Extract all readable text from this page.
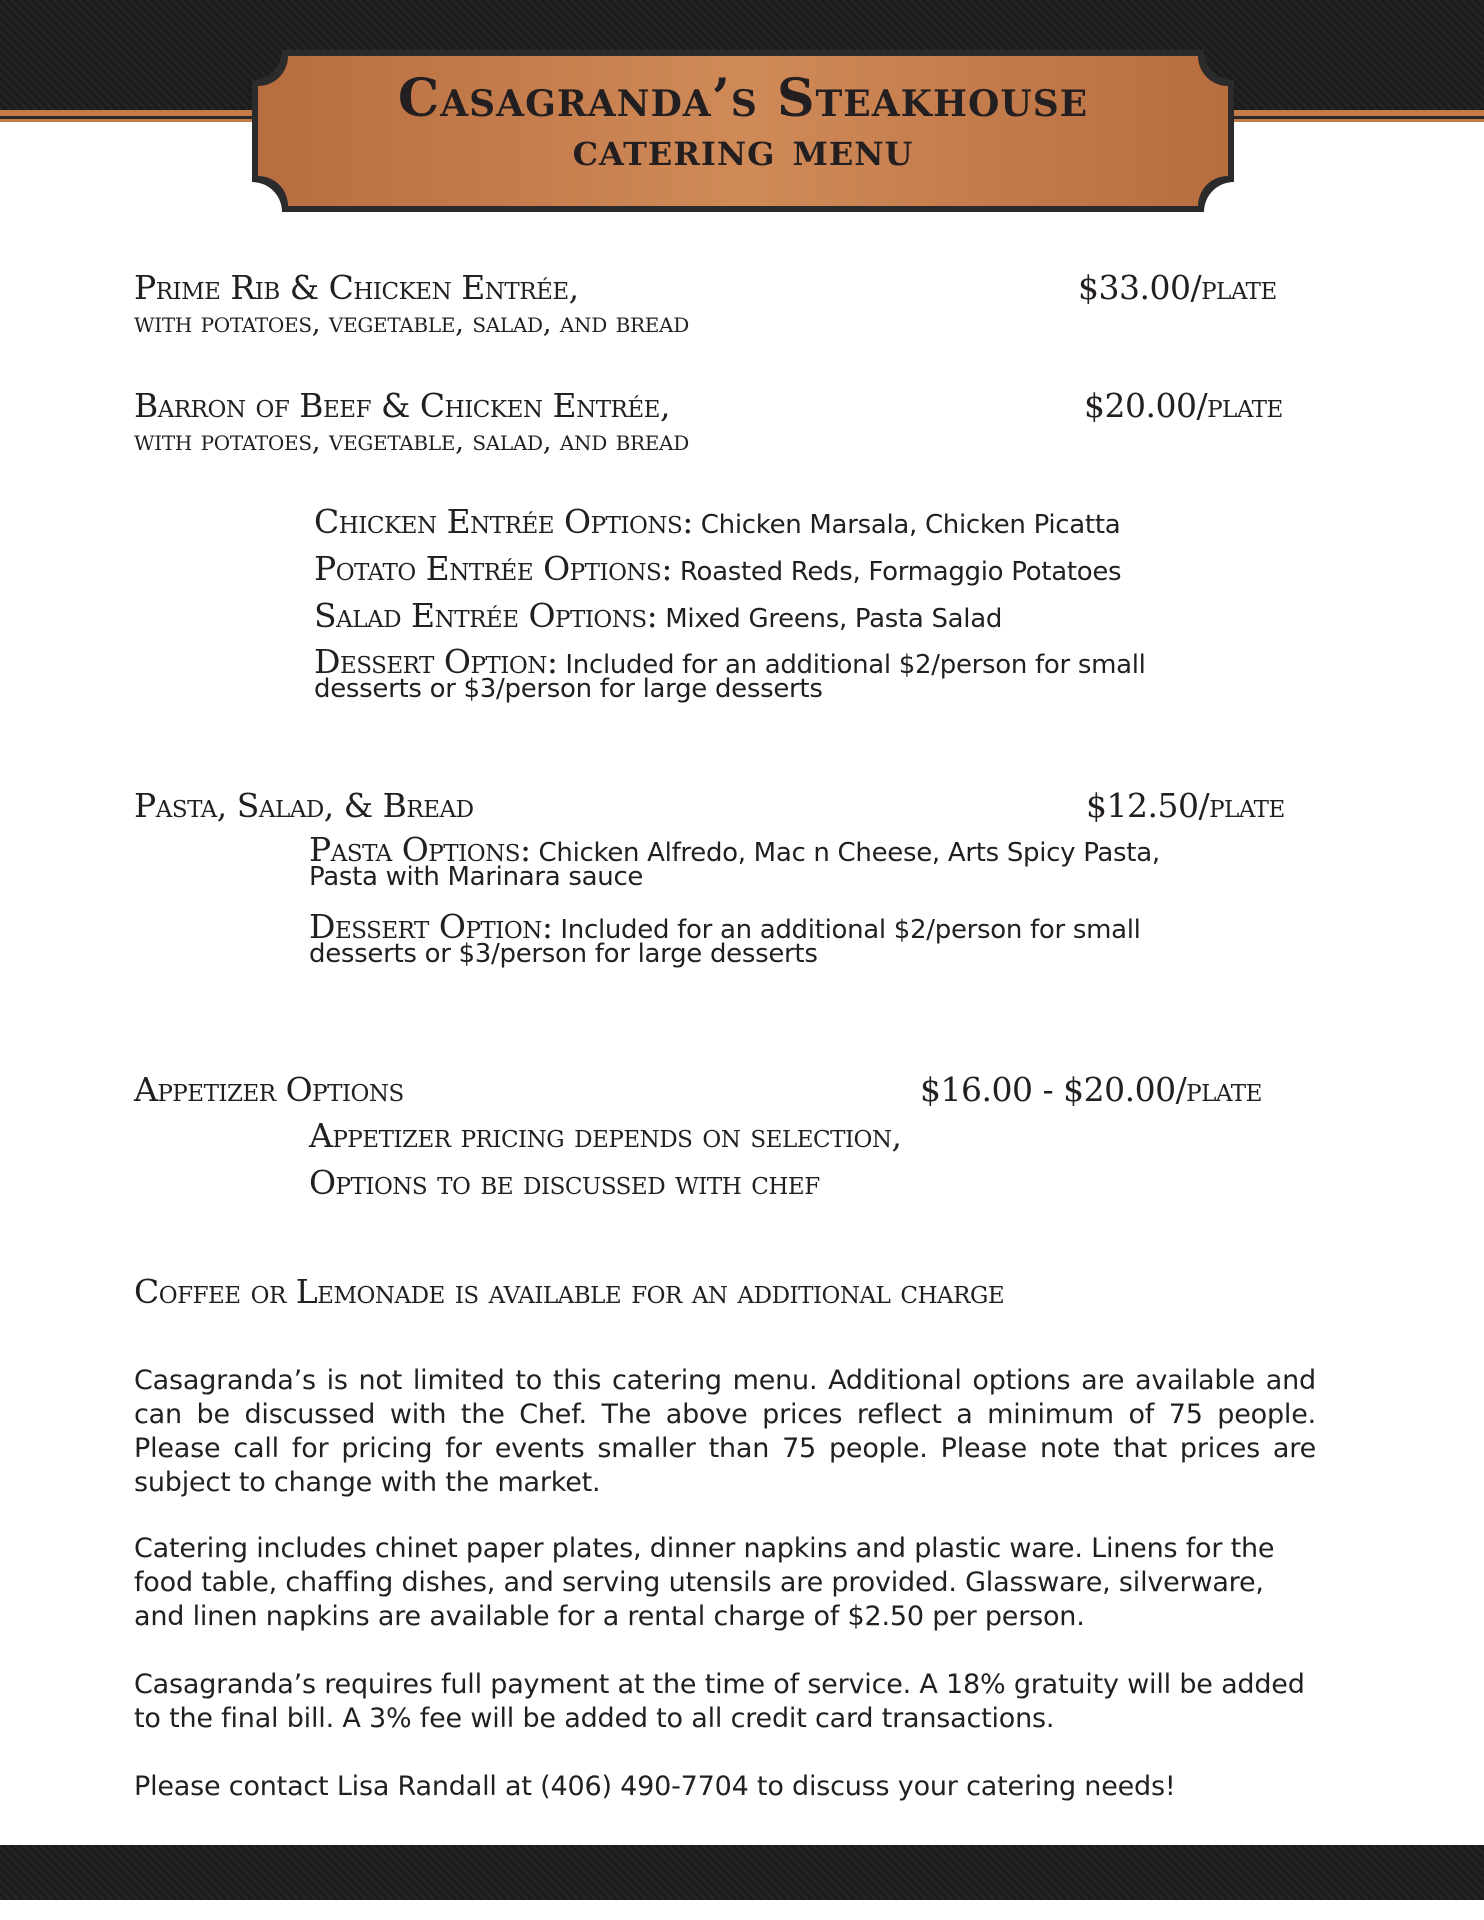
Casagranda’s Steakhouse
catering menu
Prime Rib & Chicken Entrée,
with potatoes, vegetable, salad, and bread
$33.00/plate
Barron of Beef & Chicken Entrée,
with potatoes, vegetable, salad, and bread
$20.00/plate
Chicken Entrée Options: Chicken Marsala, Chicken Picatta
Potato Entrée Options: Roasted Reds, Formaggio Potatoes
Salad Entrée Options: Mixed Greens, Pasta Salad
Dessert Option: Included for an additional $2/person for small
desserts or $3/person for large desserts
Pasta, Salad, & Bread	$12.50/plate
Pasta Options: Chicken Alfredo, Mac n Cheese, Arts Spicy Pasta,
Pasta with Marinara sauce
Dessert Option: Included for an additional $2/person for small
desserts or $3/person for large desserts
Appetizer Options	$16.00 - $20.00/plate
Appetizer pricing depends on selection,
Options to be discussed with chef
Coffee or Lemonade is available for an additional charge
Casagranda’s is not limited to this catering menu. Additional options are available and can be discussed with the Chef. The above prices reflect a minimum of 75 people. Please call for pricing for events smaller than 75 people. Please note that prices are subject to change with the market.
Catering includes chinet paper plates, dinner napkins and plastic ware. Linens for the food table, chaffing dishes, and serving utensils are provided. Glassware, silverware, and linen napkins are available for a rental charge of $2.50 per person.
Casagranda’s requires full payment at the time of service. A 18% gratuity will be added to the final bill. A 3% fee will be added to all credit card transactions.
Please contact Lisa Randall at (406) 490-7704 to discuss your catering needs!
